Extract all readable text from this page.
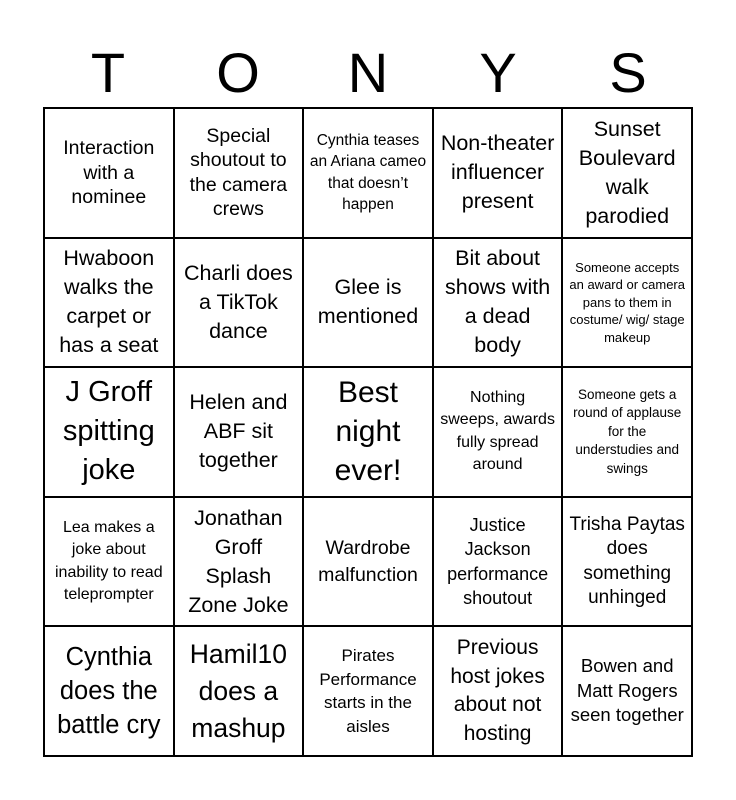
T	O	N	Y	S
Interaction with a nominee
Special shoutout to the camera crews
Cynthia teases an Ariana cameo that doesn’t happen
Non-theater influencer present
Sunset Boulevard walk parodied
Hwaboon walks the carpet or has a seat
Charli does a TikTok dance
Glee is mentioned
Bit about shows with a dead body
Someone accepts an award or camera pans to them in costume/ wig/ stage makeup
J Groff spitting joke
Helen and ABF sit together
Best night ever!
Nothing sweeps, awards fully spread around
Someone gets a round of applause for the understudies and swings
Lea makes a joke about inability to read teleprompter
Jonathan Groff Splash Zone Joke
Wardrobe malfunction
Justice Jackson performance shoutout
Trisha Paytas does something unhinged
Cynthia does the battle cry
Hamil10 does a mashup
Pirates Performance starts in the aisles
Previous host jokes about not hosting
Bowen and Matt Rogers seen together
